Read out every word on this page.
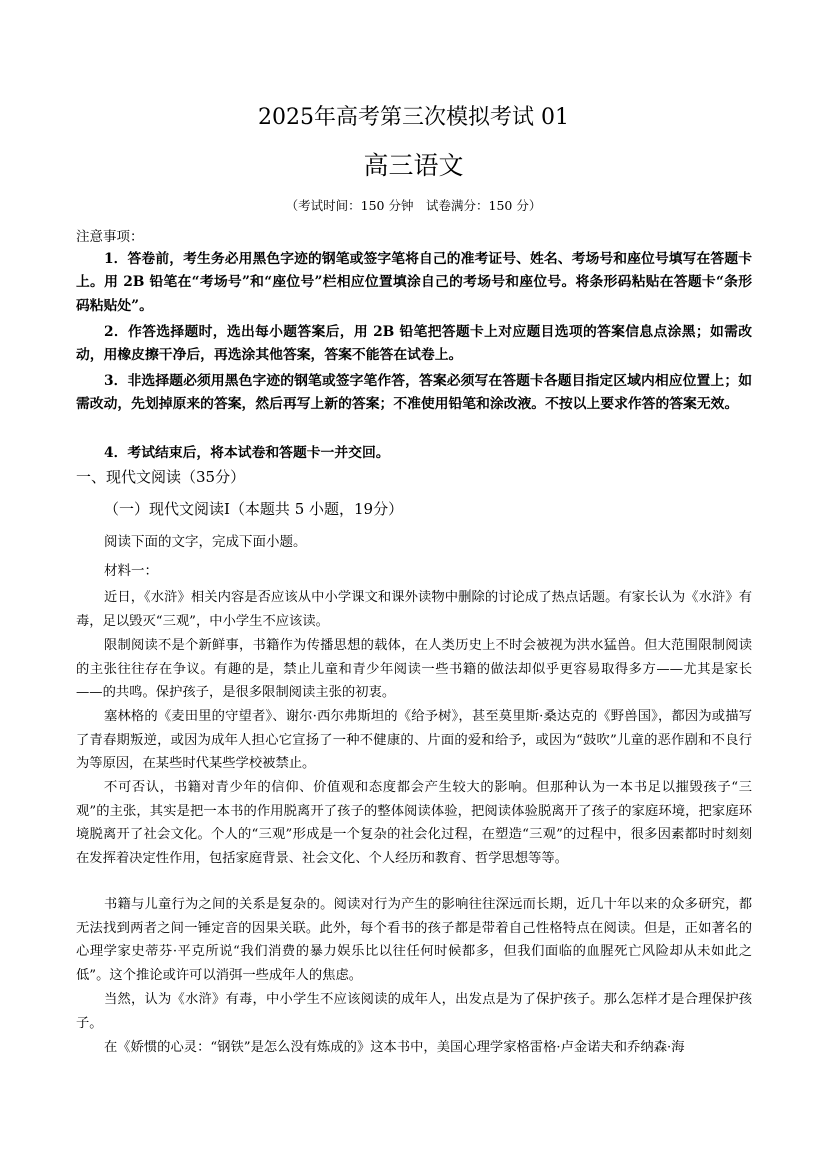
2025年高考第三次模拟考试 01
高三语文
（考试时间：150 分钟　试卷满分：150 分）
注意事项：

1．答卷前，考生务必用黑色字迹的钢笔或签字笔将自己的准考证号、姓名、考场号和座位号填写在答题卡上。用 2B 铅笔在“考场号”和“座位号”栏相应位置填涂自己的考场号和座位号。将条形码粘贴在答题卡“条形码粘贴处”。

2．作答选择题时，选出每小题答案后，用 2B 铅笔把答题卡上对应题目选项的答案信息点涂黑；如需改动，用橡皮擦干净后，再选涂其他答案，答案不能答在试卷上。

3．非选择题必须用黑色字迹的钢笔或签字笔作答，答案必须写在答题卡各题目指定区域内相应位置上；如需改动，先划掉原来的答案，然后再写上新的答案；不准使用铅笔和涂改液。不按以上要求作答的答案无效。

4．考试结束后，将本试卷和答题卡一并交回。

一、现代文阅读（35分）
（一）现代文阅读Ⅰ（本题共 5 小题，19分）
阅读下面的文字，完成下面小题。
材料一：

近日，《水浒》相关内容是否应该从中小学课文和课外读物中删除的讨论成了热点话题。有家长认为《水浒》有毒，足以毁灭“三观”，中小学生不应该读。

限制阅读不是个新鲜事，书籍作为传播思想的载体，在人类历史上不时会被视为洪水猛兽。但大范围限制阅读的主张往往存在争议。有趣的是，禁止儿童和青少年阅读一些书籍的做法却似乎更容易取得多方——尤其是家长——的共鸣。保护孩子，是很多限制阅读主张的初衷。

塞林格的《麦田里的守望者》、谢尔·西尔弗斯坦的《给予树》，甚至莫里斯·桑达克的《野兽国》，都因为或描写了青春期叛逆，或因为成年人担心它宣扬了一种不健康的、片面的爱和给予，或因为“鼓吹”儿童的恶作剧和不良行为等原因，在某些时代某些学校被禁止。

不可否认，书籍对青少年的信仰、价值观和态度都会产生较大的影响。但那种认为一本书足以摧毁孩子“三观”的主张，其实是把一本书的作用脱离开了孩子的整体阅读体验，把阅读体验脱离开了孩子的家庭环境，把家庭环境脱离开了社会文化。个人的“三观”形成是一个复杂的社会化过程，在塑造“三观”的过程中，很多因素都时时刻刻在发挥着决定性作用，包括家庭背景、社会文化、个人经历和教育、哲学思想等等。

书籍与儿童行为之间的关系是复杂的。阅读对行为产生的影响往往深远而长期，近几十年以来的众多研究，都无法找到两者之间一锤定音的因果关联。此外，每个看书的孩子都是带着自己性格特点在阅读。但是，正如著名的心理学家史蒂芬·平克所说“我们消费的暴力娱乐比以往任何时候都多，但我们面临的血腥死亡风险却从未如此之低”。这个推论或许可以消弭一些成年人的焦虑。

当然，认为《水浒》有毒，中小学生不应该阅读的成年人，出发点是为了保护孩子。那么怎样才是合理保护孩子。

在《娇惯的心灵：“钢铁”是怎么没有炼成的》这本书中，美国心理学家格雷格·卢金诺夫和乔纳森·海
